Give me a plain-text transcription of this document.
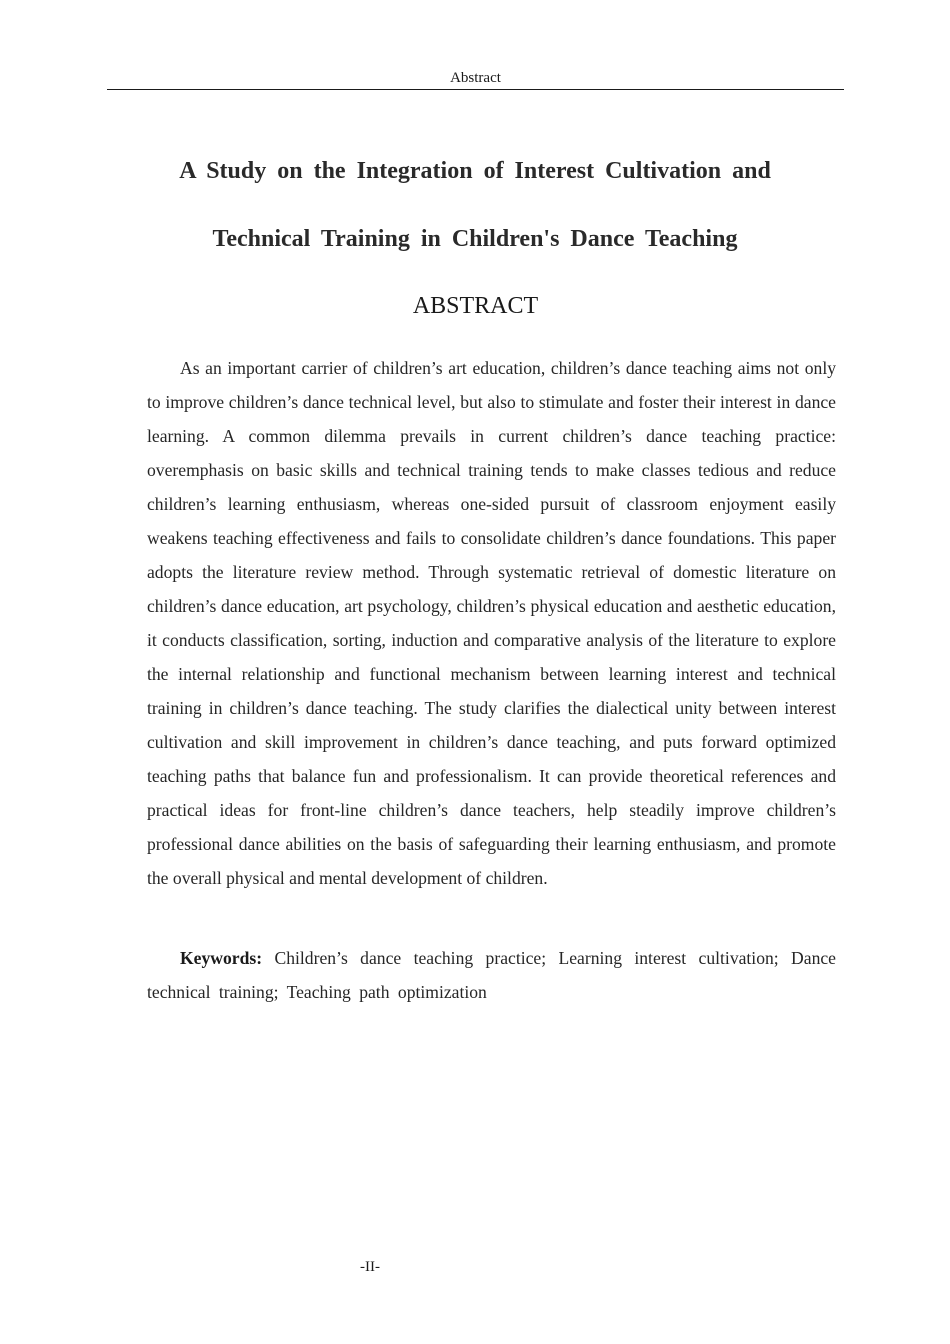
Abstract
A Study on the Integration of Interest Cultivation and
Technical Training in Children's Dance Teaching
ABSTRACT

As an important carrier of children’s art education, children’s dance teaching aims not only to improve children’s dance technical level, but also to stimulate and foster their interest in dance learning. A common dilemma prevails in current children’s dance teaching practice: overemphasis on basic skills and technical training tends to make classes tedious and reduce children’s learning enthusiasm, whereas one-sided pursuit of classroom enjoyment easily weakens teaching effectiveness and fails to consolidate children’s dance foundations. This paper adopts the literature review method. Through systematic retrieval of domestic literature on children’s dance education, art psychology, children’s physical education and aesthetic education, it conducts classification, sorting, induction and comparative analysis of the literature to explore the internal relationship and functional mechanism between learning interest and technical training in children’s dance teaching. The study clarifies the dialectical unity between interest cultivation and skill improvement in children’s dance teaching, and puts forward optimized teaching paths that balance fun and professionalism. It can provide theoretical references and practical ideas for front-line children’s dance teachers, help steadily improve children’s professional dance abilities on the basis of safeguarding their learning enthusiasm, and promote the overall physical and mental development of children.

Keywords: Children’s dance teaching practice; Learning interest cultivation; Dance technical training; Teaching path optimization

-II-
